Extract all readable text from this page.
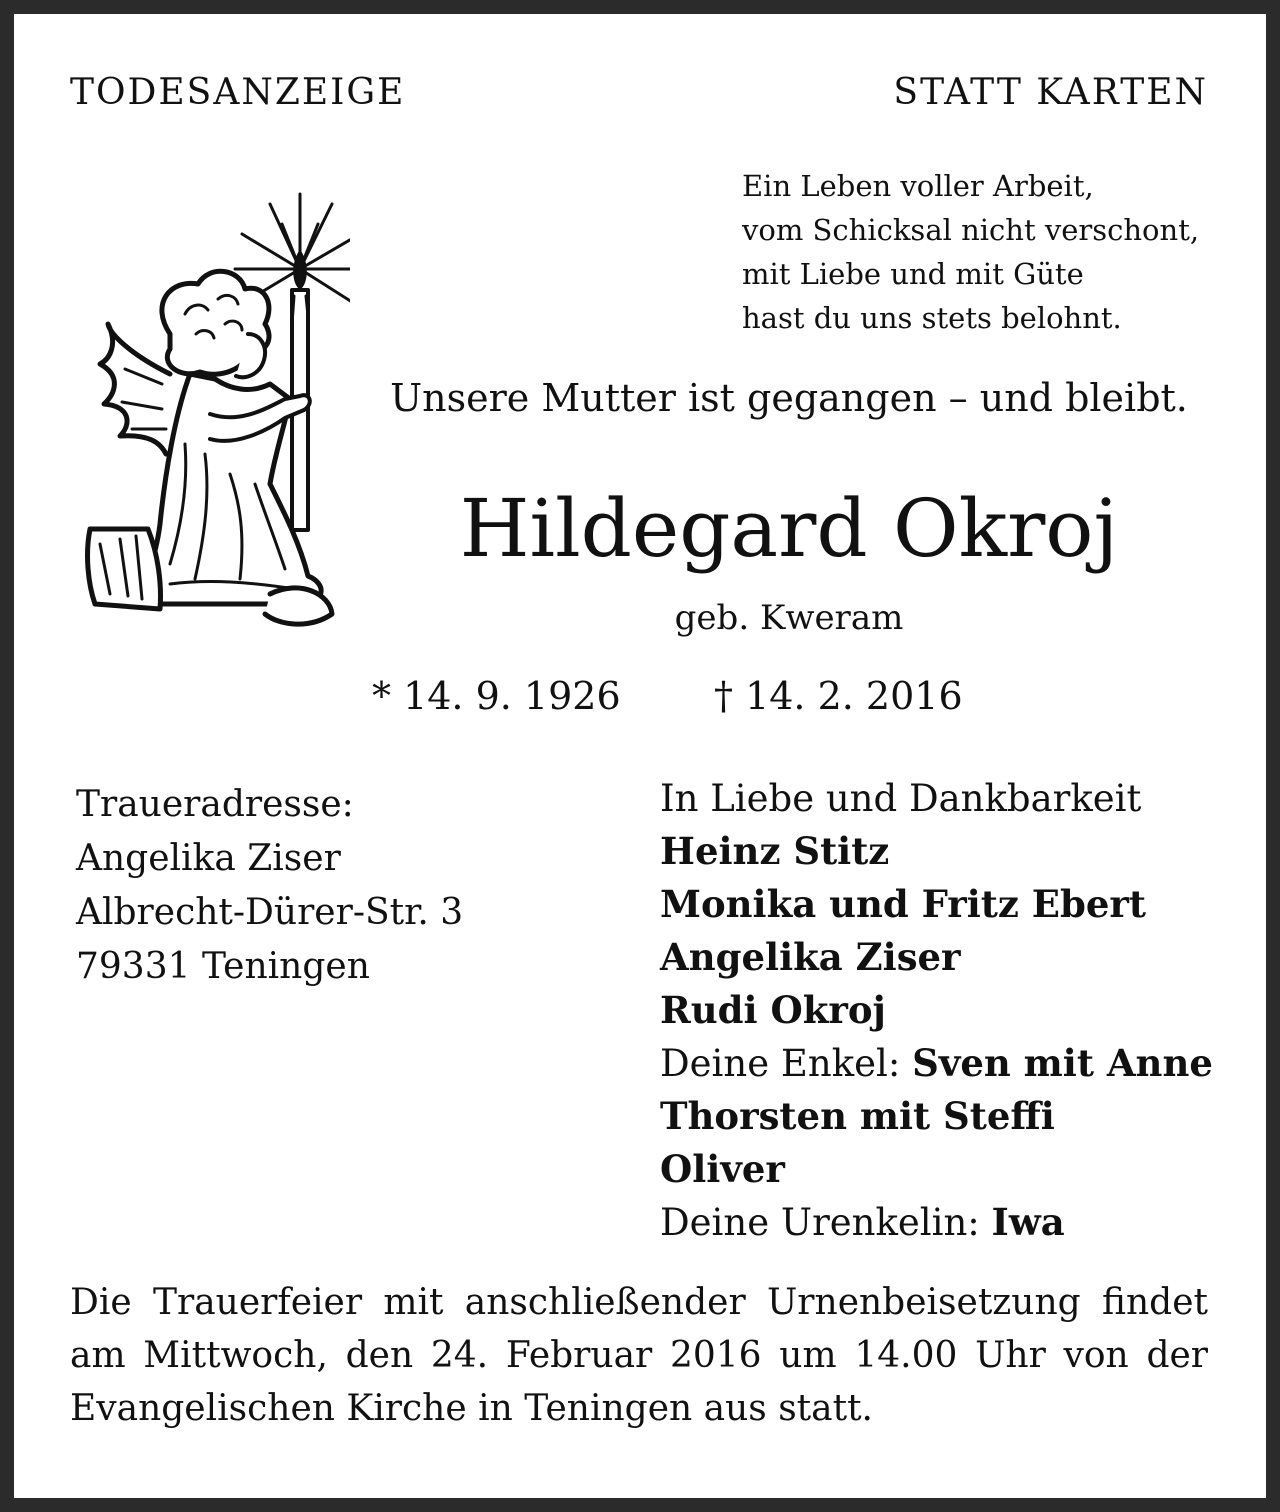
TODESANZEIGE	STATT KARTEN
Ein Leben voller Arbeit,
vom Schicksal nicht verschont,
mit Liebe und mit Güte
hast du uns stets belohnt.
Unsere Mutter ist gegangen – und bleibt.
Hildegard Okroj
geb. Kweram
* 14. 9. 1926 † 14. 2. 2016
Traueradresse:
Angelika Ziser
Albrecht-Dürer-Str. 3
79331 Teningen
In Liebe und Dankbarkeit
Heinz Stitz
Monika und Fritz Ebert
Angelika Ziser
Rudi Okroj
Deine Enkel: Sven mit Anne
Thorsten mit Steffi
Oliver
Deine Urenkelin: Iwa
Die Trauerfeier mit anschließender Urnenbeisetzung findet
am Mittwoch, den 24. Februar 2016 um 14.00 Uhr von der
Evangelischen Kirche in Teningen aus statt.
